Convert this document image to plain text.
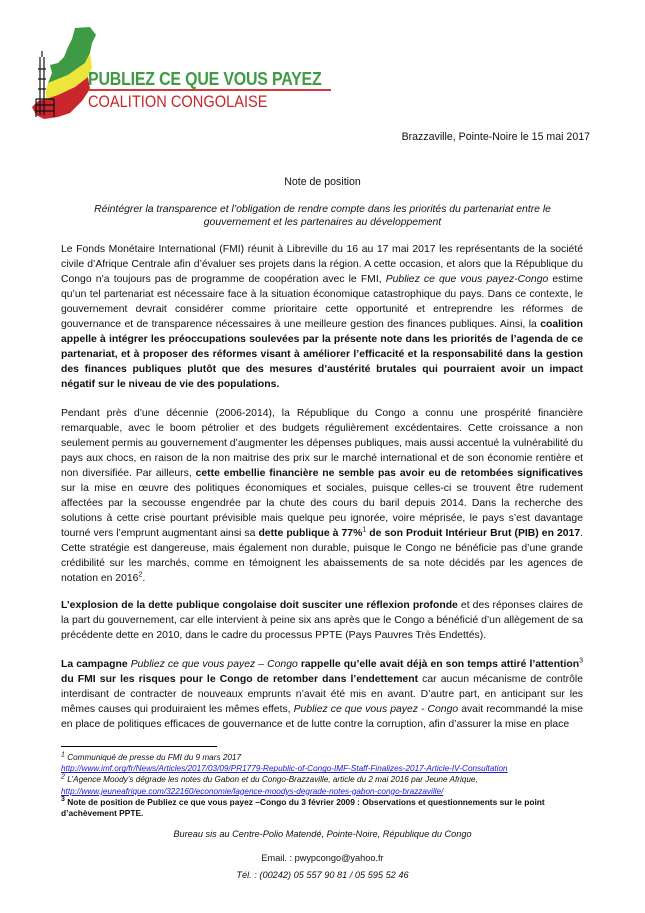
PUBLIEZ CE QUE VOUS PAYEZ
COALITION CONGOLAISE
Brazzaville, Pointe-Noire le 15 mai 2017
Note de position
Réintégrer la transparence et l’obligation de rendre compte dans les priorités du partenariat entre le gouvernement et les partenaires au développement
Le Fonds Monétaire International (FMI) réunit à Libreville du 16 au 17 mai 2017 les représentants de la société civile d’Afrique Centrale afin d’évaluer ses projets dans la région. A cette occasion, et alors que la République du Congo n’a toujours pas de programme de coopération avec le FMI, Publiez ce que vous payez-Congo estime qu’un tel partenariat est nécessaire face à la situation économique catastrophique du pays. Dans ce contexte, le gouvernement devrait considérer comme prioritaire cette opportunité et entreprendre les réformes de gouvernance et de transparence nécessaires à une meilleure gestion des finances publiques. Ainsi, la coalition appelle à intégrer les préoccupations soulevées par la présente note dans les priorités de l’agenda de ce partenariat, et à proposer des réformes visant à améliorer l’efficacité et la responsabilité dans la gestion des finances publiques plutôt que des mesures d’austérité brutales qui pourraient avoir un impact négatif sur le niveau de vie des populations.
Pendant près d’une décennie (2006-2014), la République du Congo a connu une prospérité financière remarquable, avec le boom pétrolier et des budgets régulièrement excédentaires. Cette croissance a non seulement permis au gouvernement d’augmenter les dépenses publiques, mais aussi accentué la vulnérabilité du pays aux chocs, en raison de la non maitrise des prix sur le marché international et de son économie rentière et non diversifiée. Par ailleurs, cette embellie financière ne semble pas avoir eu de retombées significatives sur la mise en œuvre des politiques économiques et sociales, puisque celles-ci se trouvent être rudement affectées par la secousse engendrée par la chute des cours du baril depuis 2014. Dans la recherche des solutions à cette crise pourtant prévisible mais quelque peu ignorée, voire méprisée, le pays s’est davantage tourné vers l’emprunt augmentant ainsi sa dette publique à 77%$^1$ de son Produit Intérieur Brut (PIB) en 2017. Cette stratégie est dangereuse, mais également non durable, puisque le Congo ne bénéficie pas d’une grande crédibilité sur les marchés, comme en témoignent les abaissements de sa note décidés par les agences de notation en 2016$^2$.
L’explosion de la dette publique congolaise doit susciter une réflexion profonde et des réponses claires de la part du gouvernement, car elle intervient à peine six ans après que le Congo a bénéficié d’un allègement de sa précédente dette en 2010, dans le cadre du processus PPTE (Pays Pauvres Très Endettés).
La campagne Publiez ce que vous payez – Congo rappelle qu’elle avait déjà en son temps attiré l’attention$^3$ du FMI sur les risques pour le Congo de retomber dans l’endettement car aucun mécanisme de contrôle interdisant de contracter de nouveaux emprunts n’avait été mis en avant. D’autre part, en anticipant sur les mêmes causes qui produiraient les mêmes effets, Publiez ce que vous payez - Congo avait recommandé la mise en place de politiques efficaces de gouvernance et de lutte contre la corruption, afin d’assurer la mise en place
$^1$ Communiqué de presse du FMI du 9 mars 2017
http://www.imf.org/fr/News/Articles/2017/03/09/PR1779-Republic-of-Congo-IMF-Staff-Finalizes-2017-Article-IV-Consultation
$^2$ L’Agence Moody’s dégrade les notes du Gabon et du Congo-Brazzaville, article du 2 mai 2016 par Jeune Afrique,
http://www.jeuneafrique.com/322160/economie/lagence-moodys-degrade-notes-gabon-congo-brazzaville/
$^3$ Note de position de Publiez ce que vous payez –Congo du 3 février 2009 : Observations et questionnements sur le point d’achèvement PPTE.
Bureau sis au Centre-Polio Matendé, Pointe-Noire, République du Congo
Email. : pwypcongo@yahoo.fr
Tél. : (00242) 05 557 90 81 / 05 595 52 46
